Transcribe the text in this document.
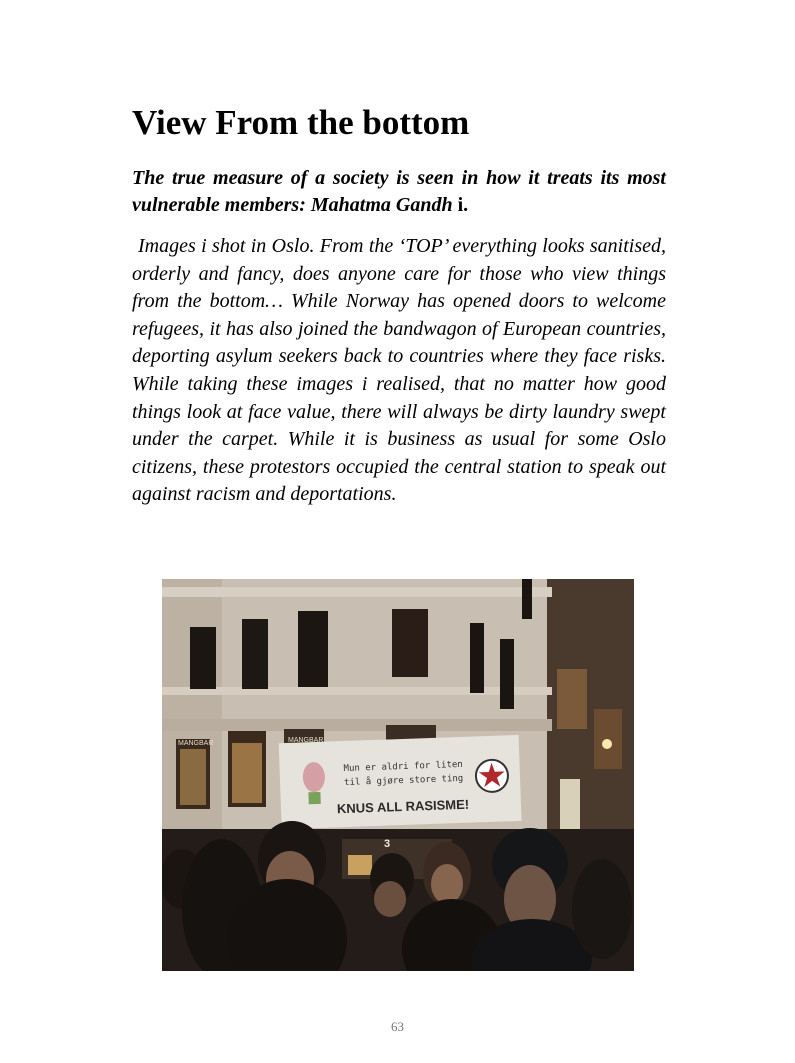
View From the bottom

The true measure of a society is seen in how it treats its most vulnerable members: Mahatma Gandh i.

Images i shot in Oslo. From the ‘TOP’ everything looks sanitised, orderly and fancy, does anyone care for those who view things from the bottom… While Norway has opened doors to welcome refugees, it has also joined the bandwagon of European countries, deporting asylum seekers back to countries where they face risks. While taking these images i realised, that no matter how good things look at face value, there will always be dirty laundry swept under the carpet. While it is business as usual for some Oslo citizens, these protestors occupied the central station to speak out against racism and deportations.

MANGBAR	MANGBAR
Mun er aldri for liten
til å gjøre store ting
KNUS ALL RASISME!
3
63
